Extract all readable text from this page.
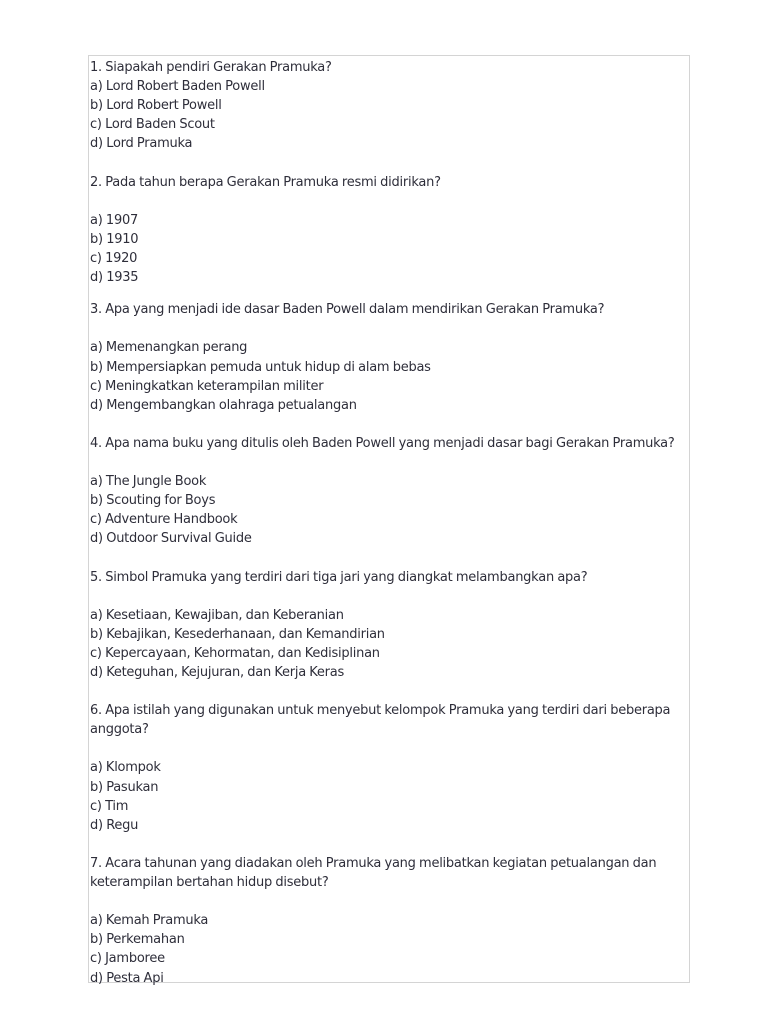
1. Siapakah pendiri Gerakan Pramuka?
a) Lord Robert Baden Powell
b) Lord Robert Powell
c) Lord Baden Scout
d) Lord Pramuka
2. Pada tahun berapa Gerakan Pramuka resmi didirikan?
a) 1907
b) 1910
c) 1920
d) 1935
3. Apa yang menjadi ide dasar Baden Powell dalam mendirikan Gerakan Pramuka?
a) Memenangkan perang
b) Mempersiapkan pemuda untuk hidup di alam bebas
c) Meningkatkan keterampilan militer
d) Mengembangkan olahraga petualangan
4. Apa nama buku yang ditulis oleh Baden Powell yang menjadi dasar bagi Gerakan Pramuka?
a) The Jungle Book
b) Scouting for Boys
c) Adventure Handbook
d) Outdoor Survival Guide
5. Simbol Pramuka yang terdiri dari tiga jari yang diangkat melambangkan apa?
a) Kesetiaan, Kewajiban, dan Keberanian
b) Kebajikan, Kesederhanaan, dan Kemandirian
c) Kepercayaan, Kehormatan, dan Kedisiplinan
d) Keteguhan, Kejujuran, dan Kerja Keras
6. Apa istilah yang digunakan untuk menyebut kelompok Pramuka yang terdiri dari beberapa anggota?
a) Klompok
b) Pasukan
c) Tim
d) Regu
7. Acara tahunan yang diadakan oleh Pramuka yang melibatkan kegiatan petualangan dan keterampilan bertahan hidup disebut?
a) Kemah Pramuka
b) Perkemahan
c) Jamboree
d) Pesta Api
